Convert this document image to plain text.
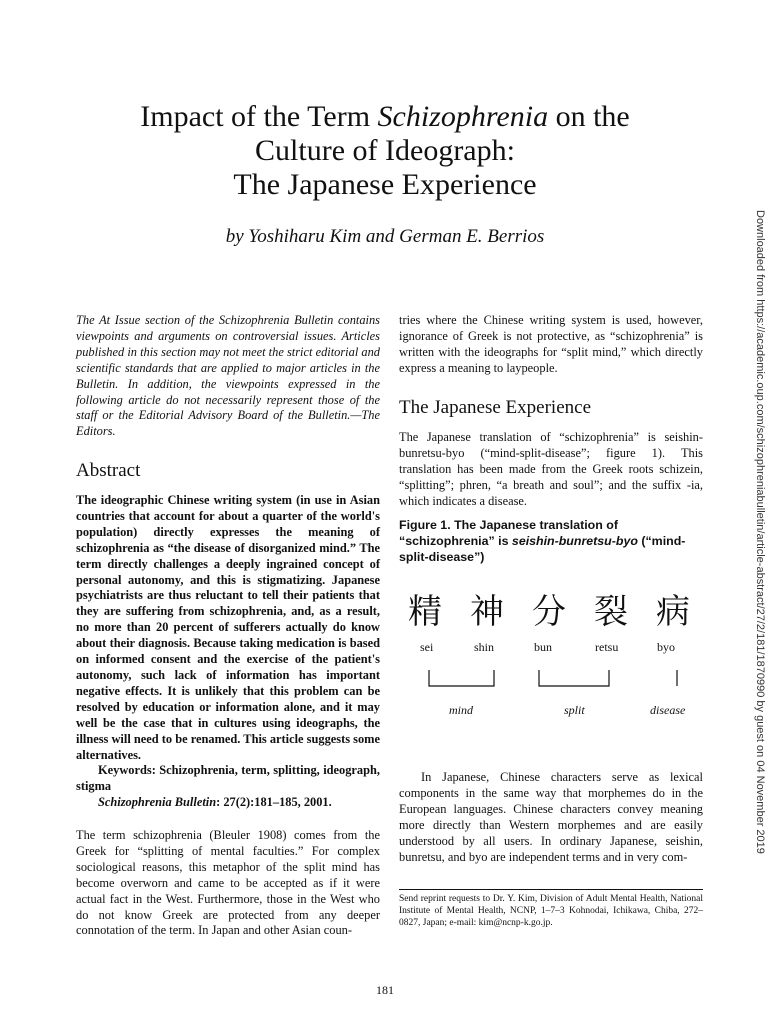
Impact of the Term Schizophrenia on the
Culture of Ideograph:
The Japanese Experience
by Yoshiharu Kim and German E. Berrios

The At Issue section of the Schizophrenia Bulletin contains viewpoints and arguments on controversial issues. Articles published in this section may not meet the strict editorial and scientific standards that are applied to major articles in the Bulletin. In addition, the viewpoints expressed in the following article do not necessarily represent those of the staff or the Editorial Advisory Board of the Bulletin.—The Editors.

Abstract

The ideographic Chinese writing system (in use in Asian countries that account for about a quarter of the world's population) directly expresses the meaning of schizophrenia as “the disease of disorganized mind.” The term directly challenges a deeply ingrained concept of personal autonomy, and this is stigmatizing. Japanese psychiatrists are thus reluctant to tell their patients that they are suffering from schizophrenia, and, as a result, no more than 20 percent of sufferers actually do know about their diagnosis. Because taking medication is based on informed consent and the exercise of the patient's autonomy, such lack of information has important negative effects. It is unlikely that this problem can be resolved by education or information alone, and it may well be the case that in cultures using ideographs, the illness will need to be renamed. This article suggests some alternatives.

Keywords: Schizophrenia, term, splitting, ideograph, stigma

Schizophrenia Bulletin: 27(2):181–185, 2001.

The term schizophrenia (Bleuler 1908) comes from the Greek for “splitting of mental faculties.” For complex sociological reasons, this metaphor of the split mind has become overworn and came to be accepted as if it were actual fact in the West. Furthermore, those in the West who do not know Greek are protected from any deeper connotation of the term. In Japan and other Asian coun-

tries where the Chinese writing system is used, however, ignorance of Greek is not protective, as “schizophrenia” is written with the ideographs for “split mind,” which directly express a meaning to laypeople.

The Japanese Experience

The Japanese translation of “schizophrenia” is seishin-bunretsu-byo (“mind-split-disease”; figure 1). This translation has been made from the Greek roots schizein, “splitting”; phren, “a breath and soul”; and the suffix -ia, which indicates a disease.

Figure 1. The Japanese translation of “schizophrenia” is seishin-bunretsu-byo (“mind-split-disease”)
精 神 分 裂 病
sei	shin	bun	retsu	byo
mind	split	disease

In Japanese, Chinese characters serve as lexical components in the same way that morphemes do in the European languages. Chinese characters convey meaning more directly than Western morphemes and are easily understood by all users. In ordinary Japanese, seishin, bunretsu, and byo are independent terms and in very com-

Send reprint requests to Dr. Y. Kim, Division of Adult Mental Health, National Institute of Mental Health, NCNP, 1–7–3 Kohnodai, Ichikawa, Chiba, 272–0827, Japan; e-mail: kim@ncnp-k.go.jp.
181
Downloaded from https://academic.oup.com/schizophreniabulletin/article-abstract/27/2/181/1870990 by guest on 04 November 2019
